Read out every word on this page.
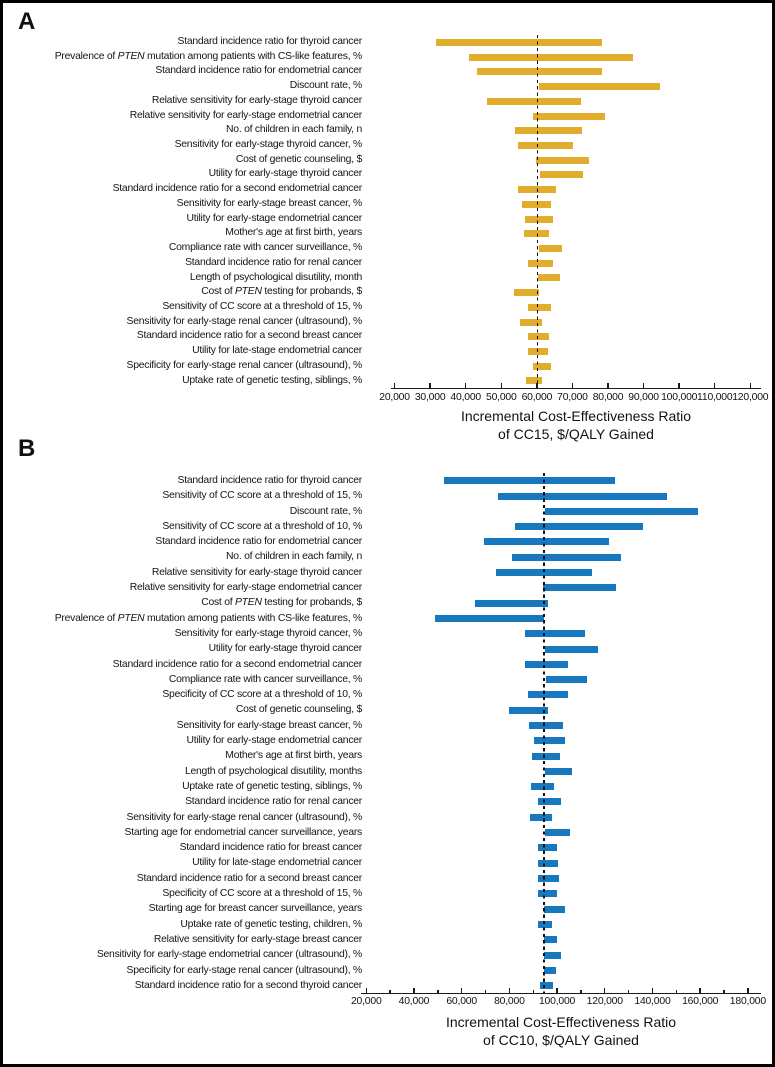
A
Standard incidence ratio for thyroid cancer
Prevalence of PTEN mutation among patients with CS-like features, %
Standard incidence ratio for endometrial cancer
Discount rate, %
Relative sensitivity for early-stage thyroid cancer
Relative sensitivity for early-stage endometrial cancer
No. of children in each family, n
Sensitivity for early-stage thyroid cancer, %
Cost of genetic counseling, $
Utility for early-stage thyroid cancer
Standard incidence ratio for a second endometrial cancer
Sensitivity for early-stage breast cancer, %
Utility for early-stage endometrial cancer
Mother's age at first birth, years
Compliance rate with cancer surveillance, %
Standard incidence ratio for renal cancer
Length of psychological disutility, month
Cost of PTEN testing for probands, $
Sensitivity of CC score at a threshold of 15, %
Sensitivity for early-stage renal cancer (ultrasound), %
Standard incidence ratio for a second breast cancer
Utility for late-stage endometrial cancer
Specificity for early-stage renal cancer (ultrasound), %
Uptake rate of genetic testing, siblings, %
20,000 30,000 40,000 50,000 60,000 70,000 80,000 90,000 100,000 110,000 120,000
Incremental Cost-Effectiveness Ratio
of CC15, $/QALY Gained
B
Standard incidence ratio for thyroid cancer
Sensitivity of CC score at a threshold of 15, %
Discount rate, %
Sensitivity of CC score at a threshold of 10, %
Standard incidence ratio for endometrial cancer
No. of children in each family, n
Relative sensitivity for early-stage thyroid cancer
Relative sensitivity for early-stage endometrial cancer
Cost of PTEN testing for probands, $
Prevalence of PTEN mutation among patients with CS-like features, %
Sensitivity for early-stage thyroid cancer, %
Utility for early-stage thyroid cancer
Standard incidence ratio for a second endometrial cancer
Compliance rate with cancer surveillance, %
Specificity of CC score at a threshold of 10, %
Cost of genetic counseling, $
Sensitivity for early-stage breast cancer, %
Utility for early-stage endometrial cancer
Mother's age at first birth, years
Length of psychological disutility, months
Uptake rate of genetic testing, siblings, %
Standard incidence ratio for renal cancer
Sensitivity for early-stage renal cancer (ultrasound), %
Starting age for endometrial cancer surveillance, years
Standard incidence ratio for breast cancer
Utility for late-stage endometrial cancer
Standard incidence ratio for a second breast cancer
Specificity of CC score at a threshold of 15, %
Starting age for breast cancer surveillance, years
Uptake rate of genetic testing, children, %
Relative sensitivity for early-stage breast cancer
Sensitivity for early-stage endometrial cancer (ultrasound), %
Specificity for early-stage renal cancer (ultrasound), %
Standard incidence ratio for a second thyroid cancer
20,000 40,000 60,000 80,000 100,000 120,000 140,000 160,000 180,000
Incremental Cost-Effectiveness Ratio
of CC10, $/QALY Gained
